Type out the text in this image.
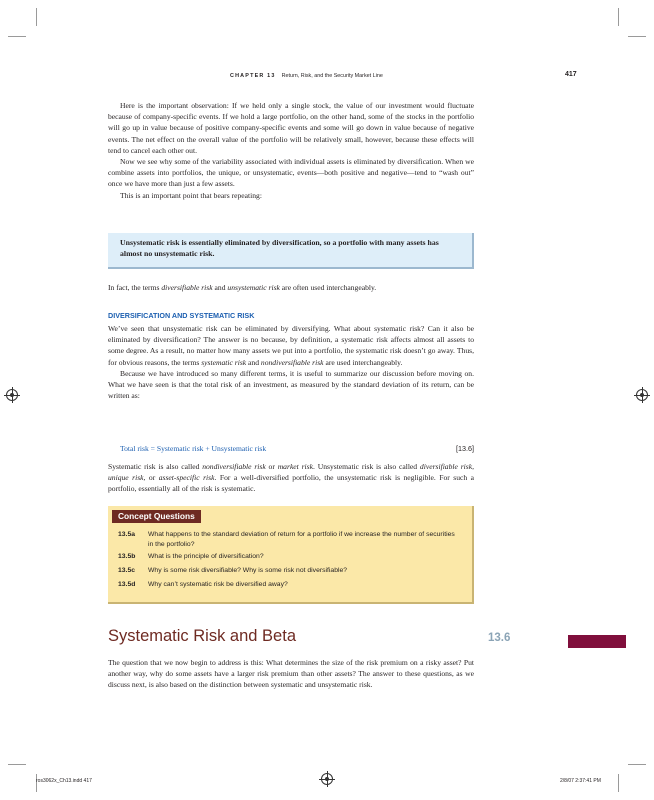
CHAPTER 13 Return, Risk, and the Security Market Line	417

Here is the important observation: If we held only a single stock, the value of our investment would fluctuate because of company-specific events. If we hold a large portfolio, on the other hand, some of the stocks in the portfolio will go up in value because of positive company-specific events and some will go down in value because of negative events. The net effect on the overall value of the portfolio will be relatively small, however, because these effects will tend to cancel each other out.

Now we see why some of the variability associated with individual assets is eliminated by diversification. When we combine assets into portfolios, the unique, or unsystematic, events—both positive and negative—tend to “wash out” once we have more than just a few assets.

This is an important point that bears repeating:

Unsystematic risk is essentially eliminated by diversification, so a portfolio with many assets has almost no unsystematic risk.

In fact, the terms diversifiable risk and unsystematic risk are often used interchangeably.

DIVERSIFICATION AND SYSTEMATIC RISK

We’ve seen that unsystematic risk can be eliminated by diversifying. What about systematic risk? Can it also be eliminated by diversification? The answer is no because, by definition, a systematic risk affects almost all assets to some degree. As a result, no matter how many assets we put into a portfolio, the systematic risk doesn’t go away. Thus, for obvious reasons, the terms systematic risk and nondiversifiable risk are used interchangeably.

Because we have introduced so many different terms, it is useful to summarize our discussion before moving on. What we have seen is that the total risk of an investment, as measured by the standard deviation of its return, can be written as:

Total risk = Systematic risk + Unsystematic risk	[13.6]

Systematic risk is also called nondiversifiable risk or market risk. Unsystematic risk is also called diversifiable risk, unique risk, or asset-specific risk. For a well-diversified portfolio, the unsystematic risk is negligible. For such a portfolio, essentially all of the risk is systematic.

Concept Questions
13.5a What happens to the standard deviation of return for a portfolio if we increase the number of securities in the portfolio?
13.5b What is the principle of diversification?
13.5c Why is some risk diversifiable? Why is some risk not diversifiable?
13.5d Why can’t systematic risk be diversified away?
Systematic Risk and Beta	13.6

The question that we now begin to address is this: What determines the size of the risk premium on a risky asset? Put another way, why do some assets have a larger risk premium than other assets? The answer to these questions, as we discuss next, is also based on the distinction between systematic and unsystematic risk.

ros3062x_Ch13.indd 417	2/8/07 2:37:41 PM
